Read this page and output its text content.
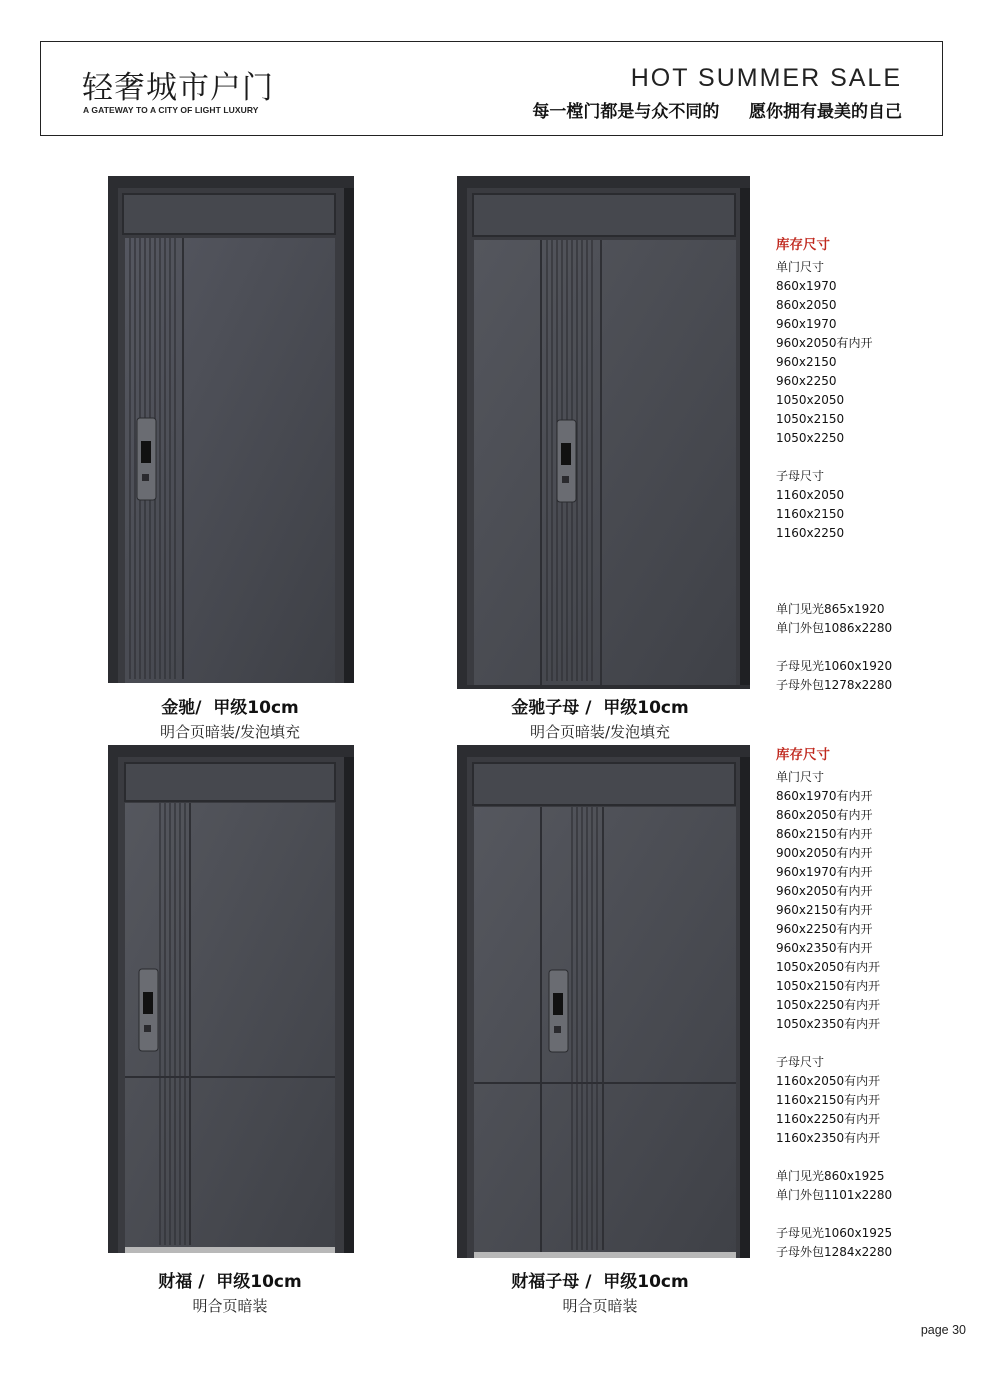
轻奢城市户门
A GATEWAY TO A CITY OF LIGHT LUXURY
HOT SUMMER SALE
每一樘门都是与众不同的     愿你拥有最美的自己
金驰/  甲级10cm
明合页暗装/发泡填充
金驰子母 /  甲级10cm
明合页暗装/发泡填充
财福 /  甲级10cm
明合页暗装
财福子母 /  甲级10cm
明合页暗装
库存尺寸
单门尺寸
860x1970
860x2050
960x1970
960x2050有内开
960x2150
960x2250
1050x2050
1050x2150
1050x2250
子母尺寸
1160x2050
1160x2150
1160x2250
单门见光865x1920
单门外包1086x2280
子母见光1060x1920
子母外包1278x2280
库存尺寸
单门尺寸
860x1970有内开
860x2050有内开
860x2150有内开
900x2050有内开
960x1970有内开
960x2050有内开
960x2150有内开
960x2250有内开
960x2350有内开
1050x2050有内开
1050x2150有内开
1050x2250有内开
1050x2350有内开
子母尺寸
1160x2050有内开
1160x2150有内开
1160x2250有内开
1160x2350有内开
单门见光860x1925
单门外包1101x2280
子母见光1060x1925
子母外包1284x2280
page 30
